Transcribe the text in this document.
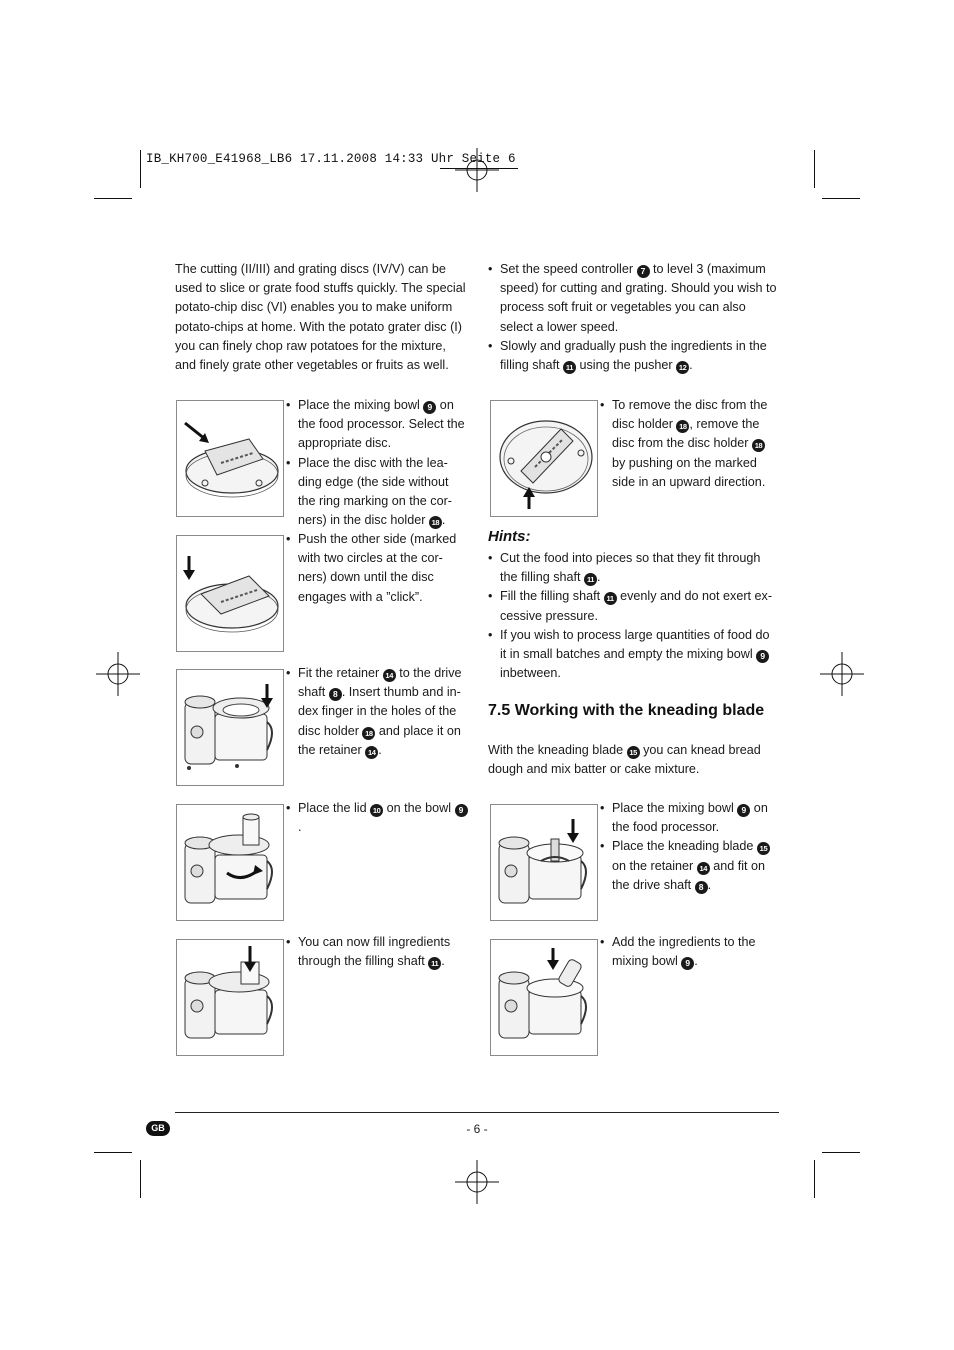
IB_KH700_E41968_LB6 17.11.2008 14:33 Uhr Seite 6
The cutting (II/III) and grating discs (IV/V) can be used to slice or grate food stuffs quickly. The special potato-chip disc (VI) enables you to make uniform potato-chips at home. With the potato grater disc (I) you can finely chop raw potatoes for the mixture, and finely grate other vegetables or fruits as well.
• Place the mixing bowl 9 on the food processor. Select the appropriate disc.
• Place the disc with the lea-ding edge (the side without the ring marking on the cor-ners) in the disc holder 18 .
• Push the other side (marked with two circles at the cor-ners) down until the disc engages with a ”click”.
• Fit the retainer 14 to the drive shaft 8 . Insert thumb and in-dex finger in the holes of the disc holder 18 and place it on the retainer 14 .
• Place the lid 10 on the bowl 9.
• You can now fill ingredients through the filling shaft 11 .
• Set the speed controller 7 to level 3 (maximum speed) for cutting and grating. Should you wish to process soft fruit or vegetables you can also select a lower speed.
• Slowly and gradually push the ingredients in the filling shaft 11 using the pusher 12 .
• To remove the disc from the disc holder 18 , remove the disc from the disc holder 18 by pushing on the marked side in an upward direction.
Hints:
• Cut the food into pieces so that they fit through the filling shaft 11 .
• Fill the filling shaft 11 evenly and do not exert ex-cessive pressure.
• If you wish to process large quantities of food do it in small batches and empty the mixing bowl 9 inbetween.
7.5 Working with the kneading blade
With the kneading blade 15 you can knead bread dough and mix batter or cake mixture.
• Place the mixing bowl 9 on the food processor.
• Place the kneading blade 15 on the retainer 14 and fit on the drive shaft 8 .
• Add the ingredients to the mixing bowl 9 .
GB	- 6 -
